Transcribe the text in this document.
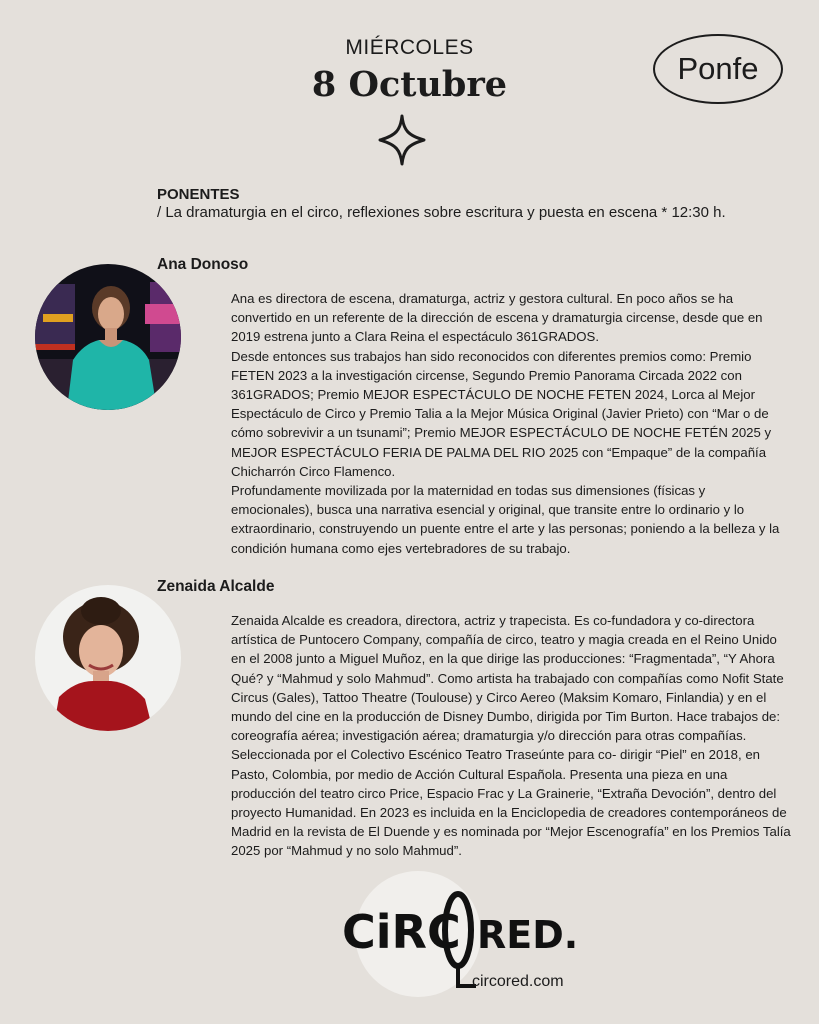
MIÉRCOLES
8 Octubre	Ponfe
PONENTES
/ La dramaturgia en el circo, reflexiones sobre escritura y puesta en escena * 12:30 h.
Ana Donoso

Ana es directora de escena, dramaturga, actriz y gestora cultural. En poco años se ha convertido en un referente de la dirección de escena y dramaturgia circense, desde que en 2019 estrena junto a Clara Reina el espectáculo 361GRADOS.

Desde entonces sus trabajos han sido reconocidos con diferentes premios como: Premio FETEN 2023 a la investigación circense, Segundo Premio Panorama Circada 2022 con 361GRADOS; Premio MEJOR ESPECTÁCULO DE NOCHE FETEN 2024, Lorca al Mejor Espectáculo de Circo y Premio Talia a la Mejor Música Original (Javier Prieto) con “Mar o de cómo sobrevivir a un tsunami”; Premio MEJOR ESPECTÁCULO DE NOCHE FETÉN 2025 y MEJOR ESPECTÁCULO FERIA DE PALMA DEL RIO 2025 con “Empaque” de la compañía Chicharrón Circo Flamenco.

Profundamente movilizada por la maternidad en todas sus dimensiones (físicas y emocionales), busca una narrativa esencial y original, que transite entre lo ordinario y lo extraordinario, construyendo un puente entre el arte y las personas; poniendo a la belleza y la condición humana como ejes vertebradores de su trabajo.

Zenaida Alcalde

Zenaida Alcalde es creadora, directora, actriz y trapecista. Es co-fundadora y co-directora artística de Puntocero Company, compañía de circo, teatro y magia creada en el Reino Unido en el 2008 junto a Miguel Muñoz, en la que dirige las producciones: “Fragmentada”, “Y Ahora Qué? y “Mahmud y solo Mahmud”. Como artista ha trabajado con compañías como Nofit State Circus (Gales), Tattoo Theatre (Toulouse) y Circo Aereo (Maksim Komaro, Finlandia) y en el mundo del cine en la producción de Disney Dumbo, dirigida por Tim Burton. Hace trabajos de: coreografía aérea; investigación aérea; dramaturgia y/o dirección para otras compañías. Seleccionada por el Colectivo Escénico Teatro Traseúnte para co- dirigir “Piel” en 2018, en Pasto, Colombia, por medio de Acción Cultural Española. Presenta una pieza en una producción del teatro circo Price, Espacio Frac y La Grainerie, “Extraña Devoción”, dentro del proyecto Humanidad. En 2023 es incluida en la Enciclopedia de creadores contemporáneos de Madrid en la revista de El Duende y es nominada por “Mejor Escenografía” en los Premios Talía 2025 por “Mahmud y no solo Mahmud”.

CiRC
O
RED.
circored.com
